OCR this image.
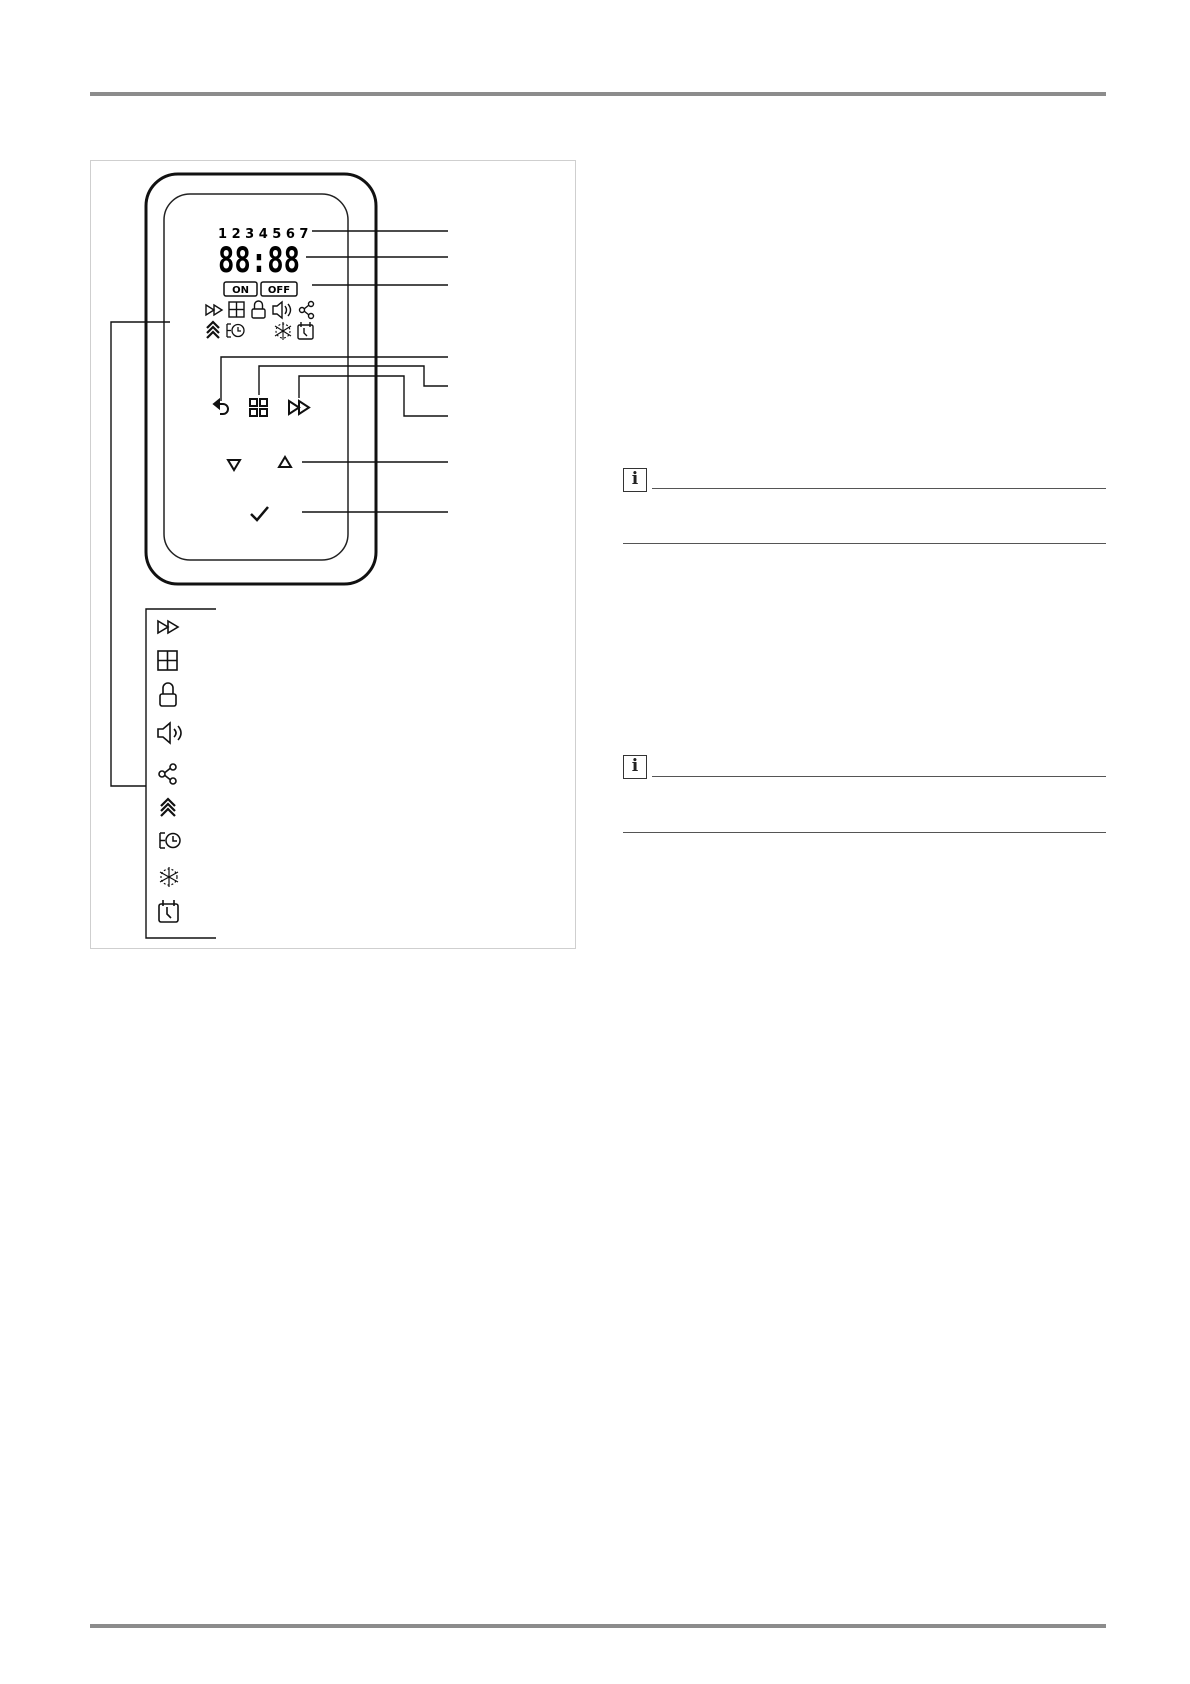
1 2 3 4 5 6 7
88:88
ON OFF
i
i
